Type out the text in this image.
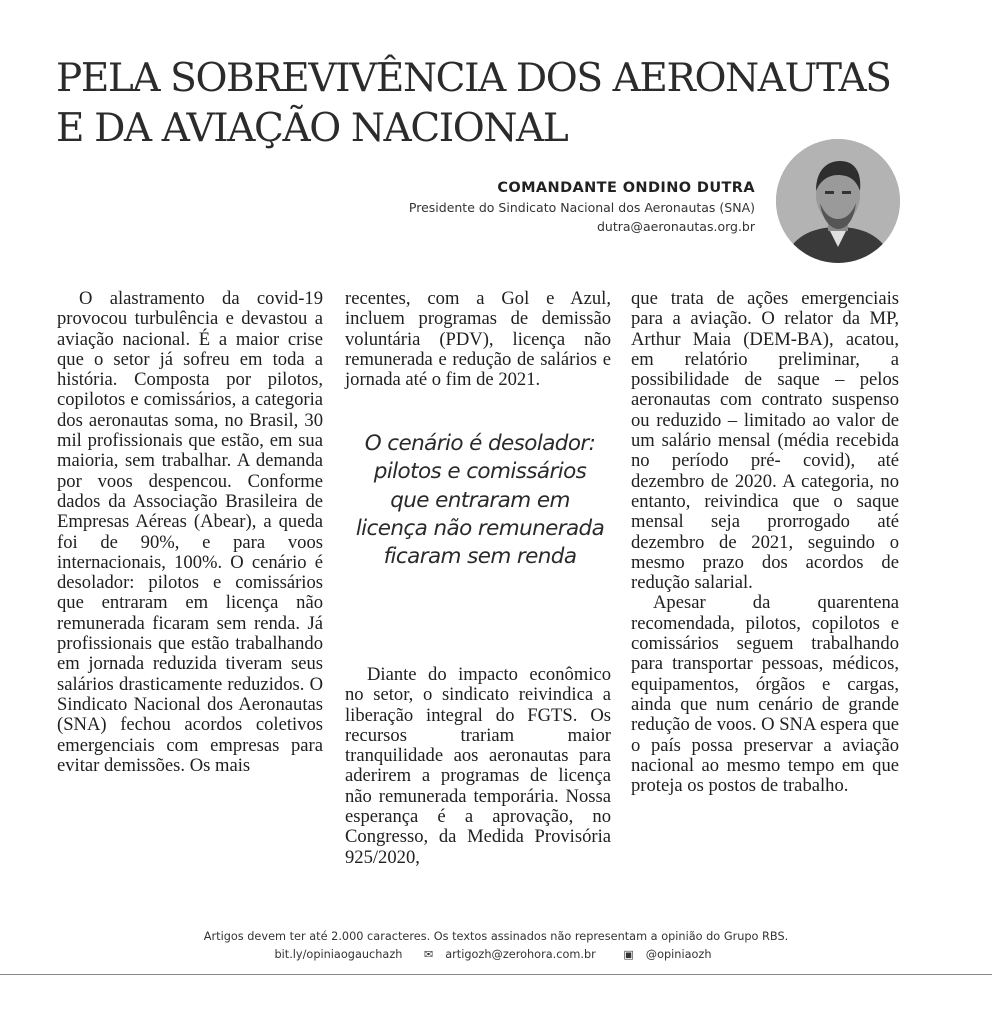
PELA SOBREVIVÊNCIA DOS AERONAUTAS
E DA AVIAÇÃO NACIONAL
COMANDANTE ONDINO DUTRA
Presidente do Sindicato Nacional dos Aeronautas (SNA)
dutra@aeronautas.org.br

O alastramento da covid-19 provocou turbulência e devastou a aviação nacional. É a maior crise que o setor já sofreu em toda a história. Composta por pilotos, copilotos e comissários, a categoria dos aeronautas soma, no Brasil, 30 mil profissionais que estão, em sua maioria, sem trabalhar. A demanda por voos despencou. Conforme dados da Associação Brasileira de Empresas Aéreas (Abear), a queda foi de 90%, e para voos internacionais, 100%. O cenário é desolador: pilotos e comissários que entraram em licença não remunerada ficaram sem renda. Já profissionais que estão trabalhando em jornada reduzida tiveram seus salários drasticamente reduzidos. O Sindicato Nacional dos Aeronautas (SNA) fechou acordos coletivos emergenciais com empresas para evitar demissões. Os mais

recentes, com a Gol e Azul, incluem programas de demissão voluntária (PDV), licença não remunerada e redução de salários e jornada até o fim de 2021.

Diante do impacto econômico no setor, o sindicato reivindica a liberação integral do FGTS. Os recursos trariam maior tranquilidade aos aeronautas para aderirem a programas de licença não remunerada temporária. Nossa esperança é a aprovação, no Congresso, da Medida Provisória 925/2020,

O cenário é desolador: pilotos e comissários que entraram em licença não remunerada ficaram sem renda

que trata de ações emergenciais para a aviação. O relator da MP, Arthur Maia (DEM-BA), acatou, em relatório preliminar, a possibilidade de saque – pelos aeronautas com contrato suspenso ou reduzido – limitado ao valor de um salário mensal (média recebida no período pré- covid), até dezembro de 2020. A categoria, no entanto, reivindica que o saque mensal seja prorrogado até dezembro de 2021, seguindo o mesmo prazo dos acordos de redução salarial.

Apesar da quarentena recomendada, pilotos, copilotos e comissários seguem trabalhando para transportar pessoas, médicos, equipamentos, órgãos e cargas, ainda que num cenário de grande redução de voos. O SNA espera que o país possa preservar a aviação nacional ao mesmo tempo em que proteja os postos de trabalho.

Artigos devem ter até 2.000 caracteres. Os textos assinados não representam a opinião do Grupo RBS.
bit.ly/opiniaogauchazh ✉ artigozh@zerohora.com.br	▣ @opiniaozh
